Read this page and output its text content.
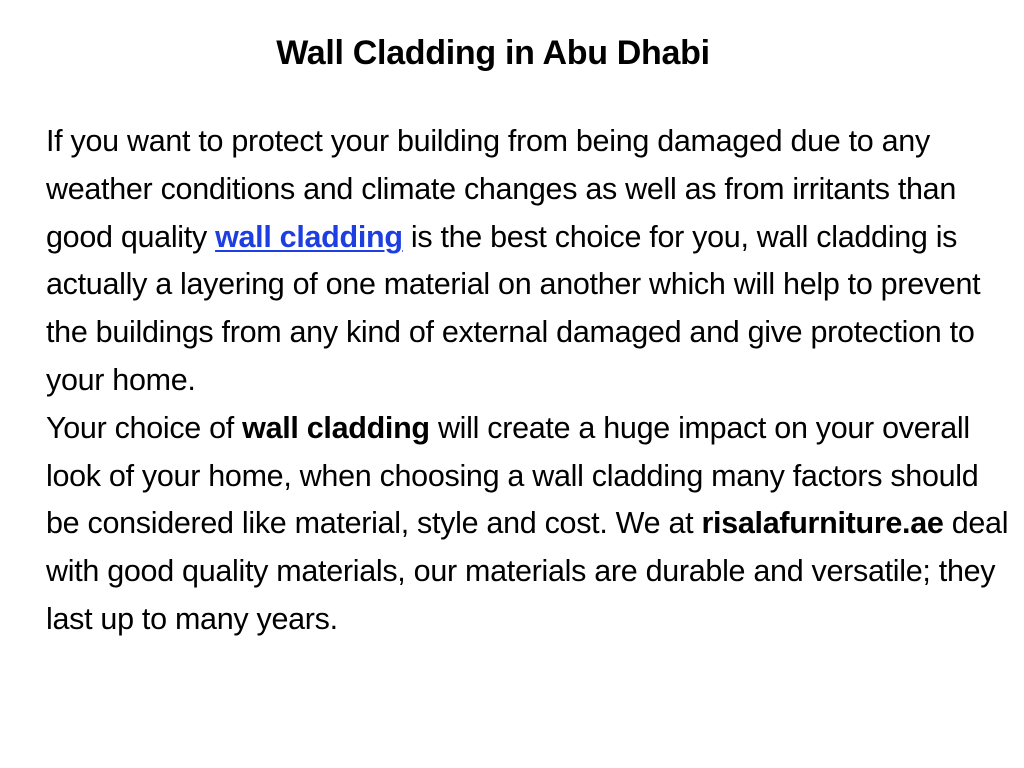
Wall Cladding in Abu Dhabi

If you want to protect your building from being damaged due to any weather conditions and climate changes as well as from irritants than good quality wall cladding is the best choice for you, wall cladding is actually a layering of one material on another which will help to prevent the buildings from any kind of external damaged and give protection to your home.

Your choice of wall cladding will create a huge impact on your overall look of your home, when choosing a wall cladding many factors should be considered like material, style and cost. We at risalafurniture.ae deal with good quality materials, our materials are durable and versatile; they last up to many years.
